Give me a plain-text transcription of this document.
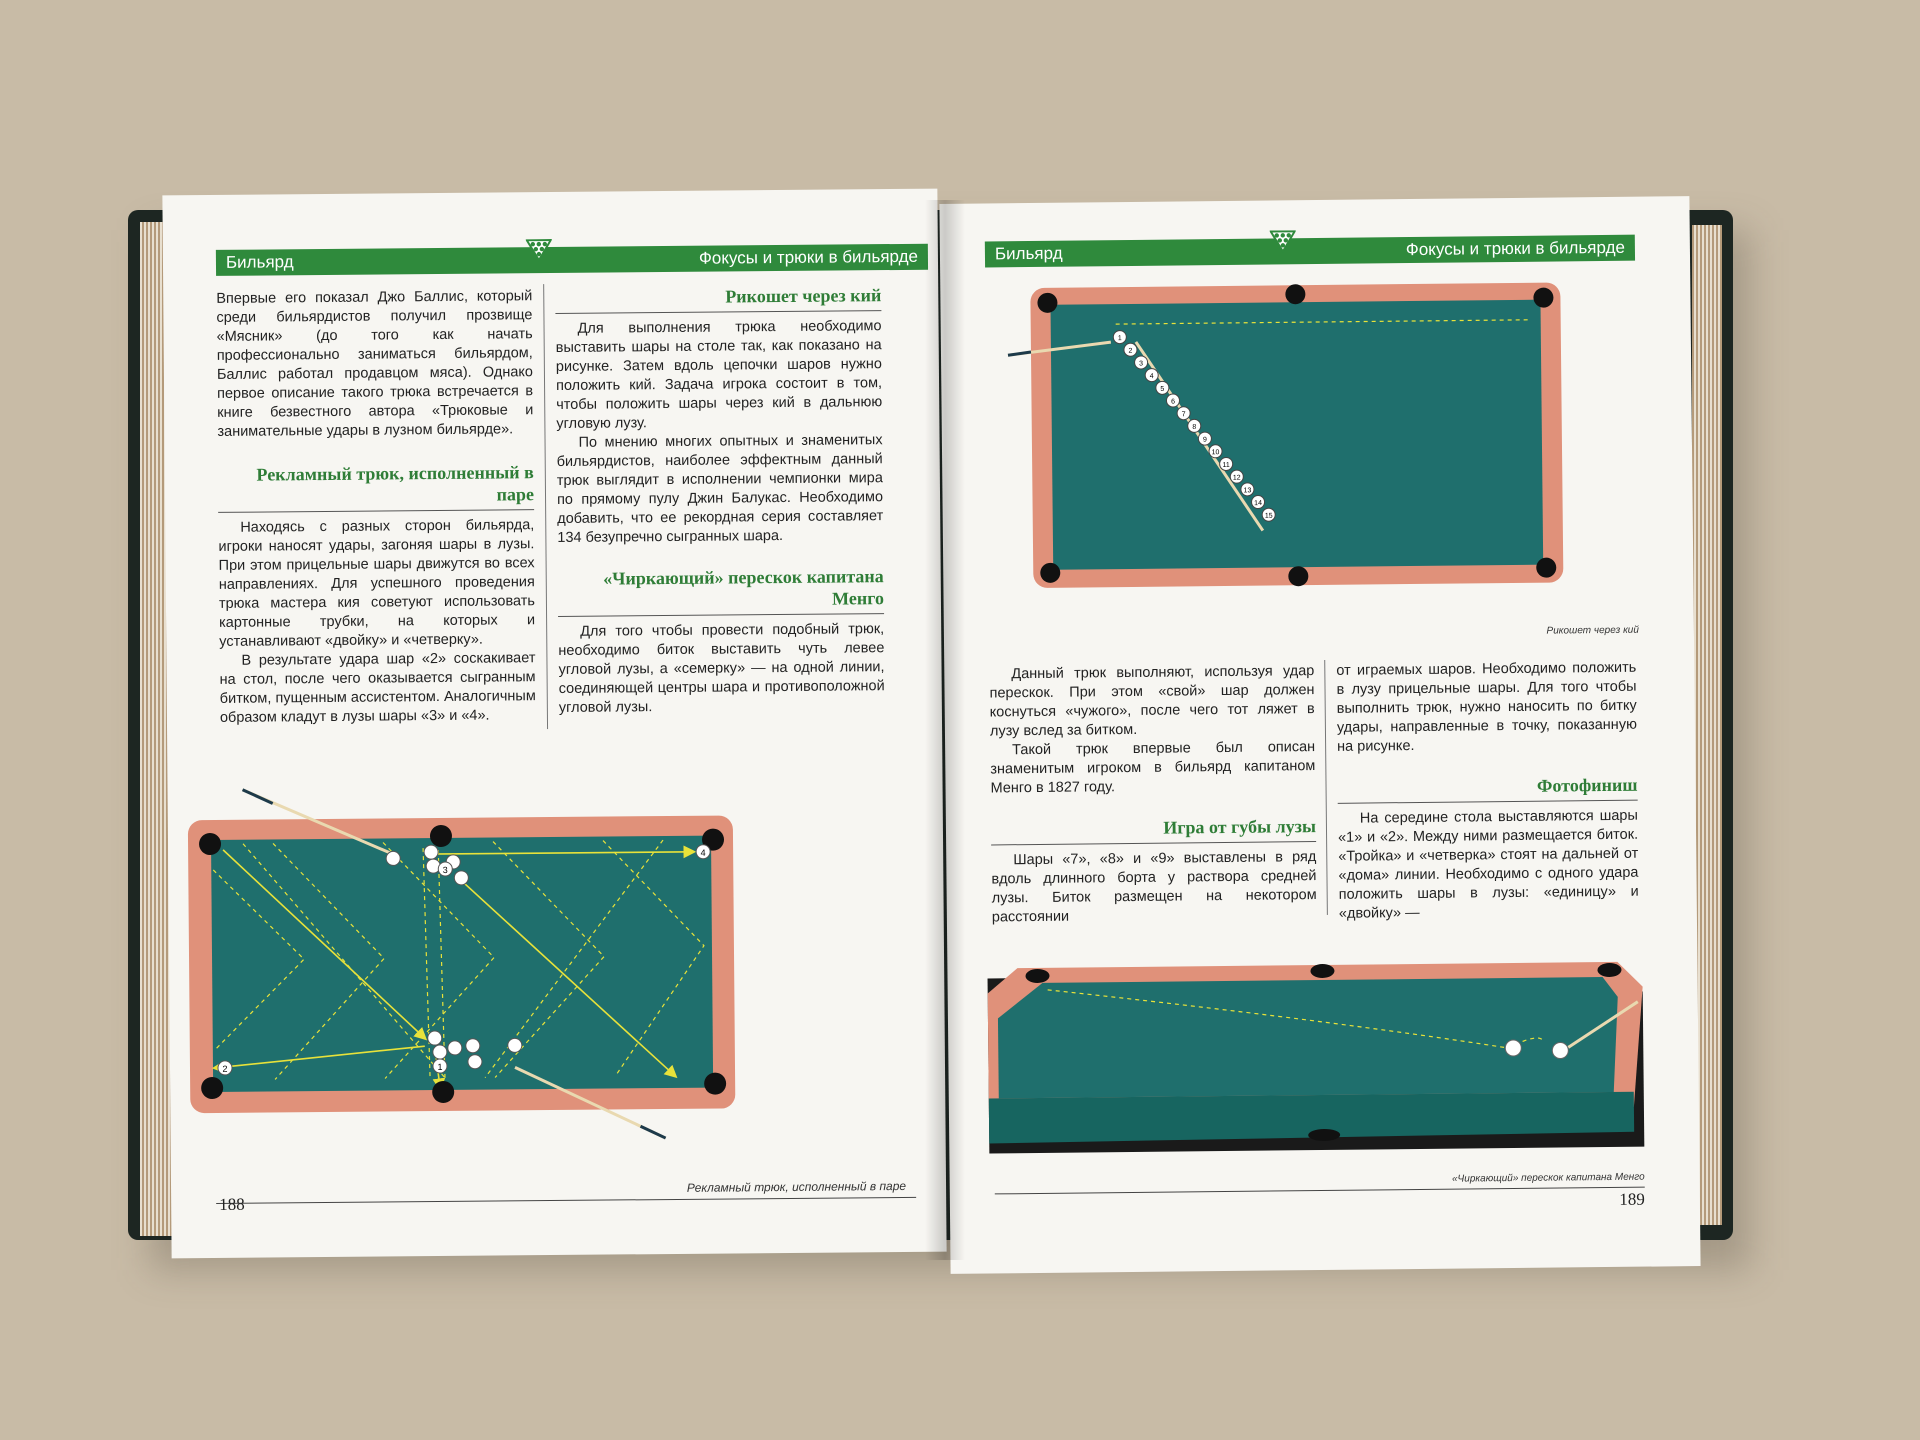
Бильярд	Фокусы и трюки в бильярде

Впервые его показал Джо Баллис, который среди бильярдистов получил прозвище «Мясник» (до того как начать профессионально заниматься бильярдом, Баллис работал продавцом мяса). Однако первое описание такого трюка встречается в книге безвестного автора «Трюковые и занимательные удары в лузном бильярде».

Рекламный трюк, исполненный в паре

Находясь с разных сторон бильярда, игроки наносят удары, загоняя шары в лузы. При этом прицельные шары движутся во всех направлениях. Для успешного проведения трюка мастера кия советуют использовать картонные трубки, на которых и устанавливают «двойку» и «четверку».

В результате удара шар «2» соскакивает на стол, после чего оказывается сыгранным битком, пущенным ассистентом. Аналогичным образом кладут в лузы шары «3» и «4».

Рикошет через кий

Для выполнения трюка необходимо выставить шары на столе так, как показано на рисунке. Затем вдоль цепочки шаров нужно положить кий. Задача игрока состоит в том, чтобы положить шары через кий в дальнюю угловую лузу.

По мнению многих опытных и знаменитых бильярдистов, наиболее эффектным данный трюк выглядит в исполнении чемпионки мира по прямому пулу Джин Балукас. Необходимо добавить, что ее рекордная серия составляет 134 безупречно сыгранных шара.

«Чиркающий» перескок капитана Менго

Для того чтобы провести подобный трюк, необходимо биток выставить чуть левее угловой лузы, а «семерку» — на одной линии, соединяющей центры шара и противоположной угловой лузы.

3
4
2	1
Рекламный трюк, исполненный в паре
188
Бильярд	Фокусы и трюки в бильярде
1
2
3
4
5
6
7
8
9
10
11
12
13
14
15
Рикошет через кий

Данный трюк выполняют, используя удар перескок. При этом «свой» шар должен коснуться «чужого», после чего тот ляжет в лузу вслед за битком.

Такой трюк впервые был описан знаменитым игроком в бильярд капитаном Менго в 1827 году.

Игра от губы лузы

Шары «7», «8» и «9» выставлены в ряд вдоль длинного борта у раствора средней лузы. Биток размещен на некотором расстоянии

от играемых шаров. Необходимо положить в лузу прицельные шары. Для того чтобы выполнить трюк, нужно наносить по битку удары, направленные в точку, показанную на рисунке.

Фотофиниш

На середине стола выставляются шары «1» и «2». Между ними размещается биток. «Тройка» и «четверка» стоят на дальней от «дома» линии. Необходимо с одного удара положить шары в лузы: «единицу» и «двойку» —

«Чиркающий» перескок капитана Менго
189
